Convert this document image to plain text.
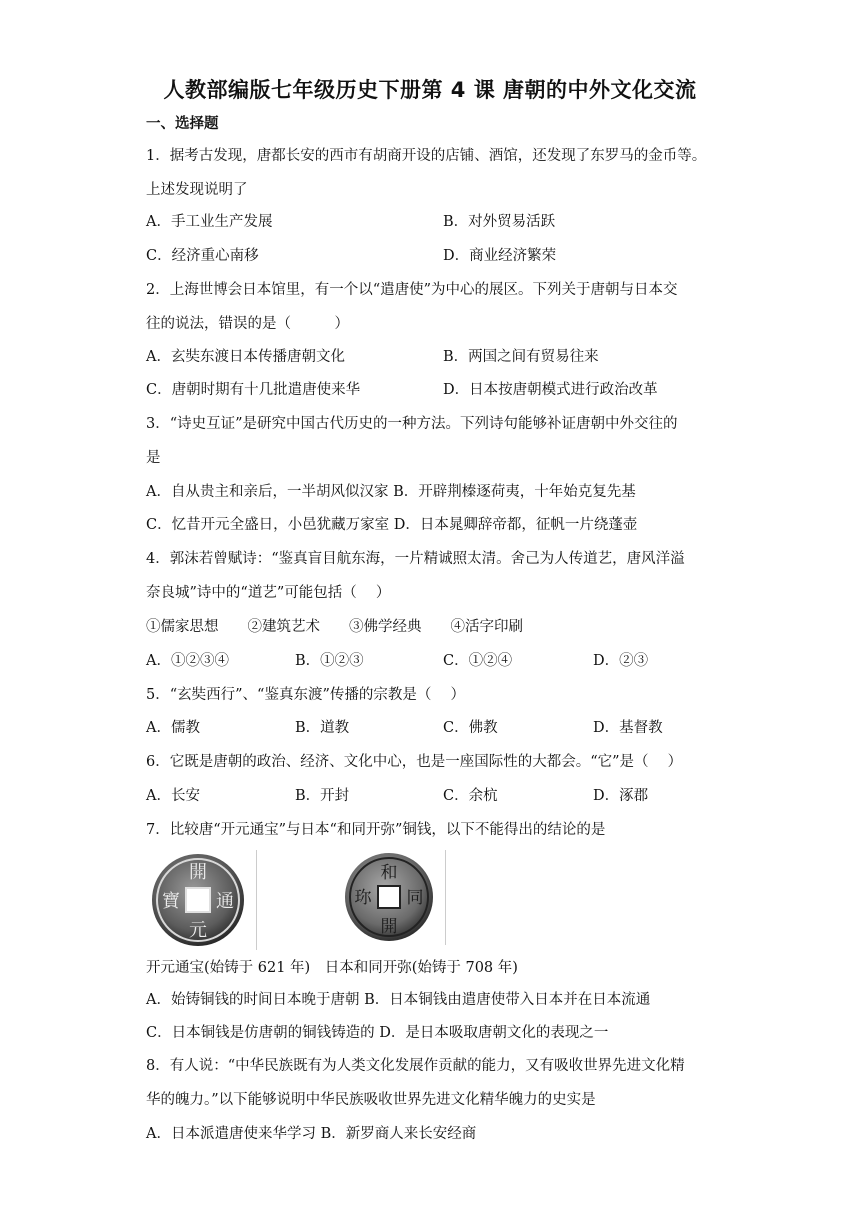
人教部编版七年级历史下册第 4 课 唐朝的中外文化交流
一、选择题
1．据考古发现，唐都长安的西市有胡商开设的店铺、酒馆，还发现了东罗马的金币等。
上述发现说明了
A．手工业生产发展	B．对外贸易活跃
C．经济重心南移	D．商业经济繁荣
2．上海世博会日本馆里，有一个以“遣唐使”为中心的展区。下列关于唐朝与日本交
往的说法，错误的是（　　　）
A．玄奘东渡日本传播唐朝文化	B．两国之间有贸易往来
C．唐朝时期有十几批遣唐使来华	D．日本按唐朝模式进行政治改革
3．“诗史互证”是研究中国古代历史的一种方法。下列诗句能够补证唐朝中外交往的
是
A．自从贵主和亲后，一半胡风似汉家 B．开辟荆榛逐荷夷，十年始克复先基
C．忆昔开元全盛日，小邑犹藏万家室 D．日本晁卿辞帝都，征帆一片绕蓬壶
4．郭沫若曾赋诗：“鉴真盲目航东海，一片精诚照太清。舍己为人传道艺，唐风洋溢
奈良城”诗中的“道艺”可能包括（　 ）
①儒家思想　　②建筑艺术　　③佛学经典　　④活字印刷
A．①②③④	B．①②③	C．①②④	D．②③
5．“玄奘西行”、“鉴真东渡”传播的宗教是（　 ）
A．儒教	B．道教	C．佛教	D．基督教
6．它既是唐朝的政治、经济、文化中心，也是一座国际性的大都会。“它”是（　 ）
A．长安	B．开封	C．余杭	D．涿郡
7．比较唐“开元通宝”与日本“和同开弥”铜钱，以下不能得出的结论的是
開
元
通
寶
和
同
開
珎
开元通宝(始铸于 621 年)　日本和同开弥(始铸于 708 年)
A．始铸铜钱的时间日本晚于唐朝 B．日本铜钱由遣唐使带入日本并在日本流通
C．日本铜钱是仿唐朝的铜钱铸造的 D．是日本吸取唐朝文化的表现之一
8．有人说：“中华民族既有为人类文化发展作贡献的能力，又有吸收世界先进文化精
华的魄力。”以下能够说明中华民族吸收世界先进文化精华魄力的史实是
A．日本派遣唐使来华学习 B．新罗商人来长安经商
